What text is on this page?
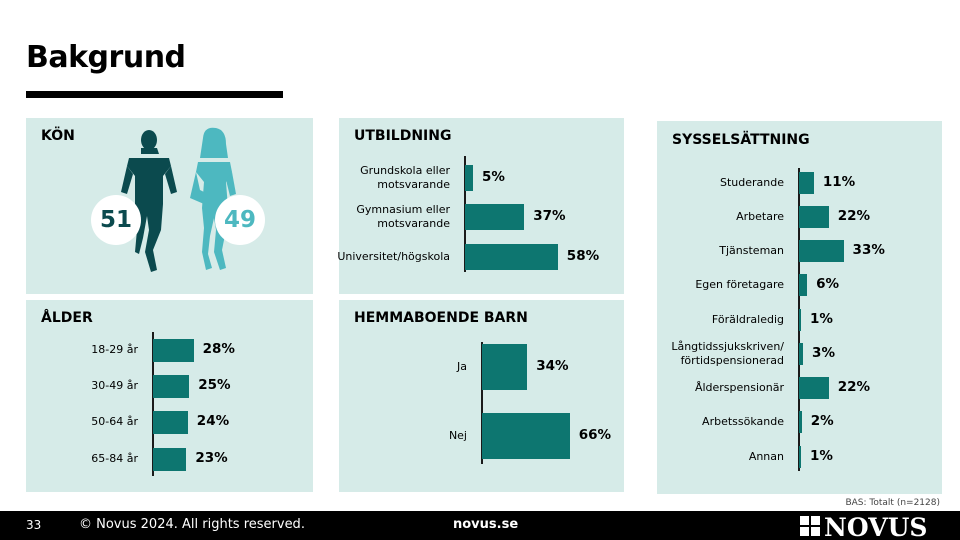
Bakgrund
KÖN
51	49
UTBILDNING
Grundskola eller
motsvarande 5%
Gymnasium eller
motsvarande	37%
Universitet/högskola	58%
SYSSELSÄTTNING
Studerande	11%
Arbetare	22%
Tjänsteman	33%
Egen företagare 6%
Föräldraledig 1%
Långtidssjukskriven/
förtidspensionerad 3%
Ålderspensionär	22%
Arbetssökande 2%
Annan 1%
ÅLDER
18-29 år	28%
30-49 år	25%
50-64 år	24%
65-84 år	23%
HEMMABOENDE BARN
Ja	34%
Nej	66%
BAS: Totalt (n=2128)
33	© Novus 2024. All rights reserved.	novus.se	NOVUS
